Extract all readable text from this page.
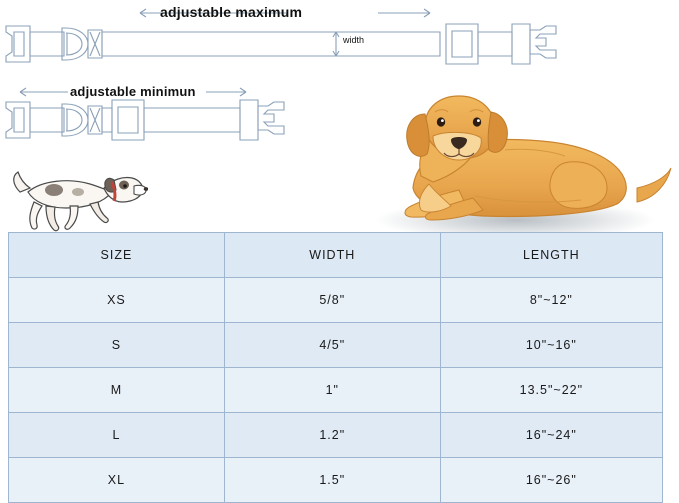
adjustable maximum
adjustable minimun
width
SIZE	WIDTH	LENGTH
XS	5/8"	8"~12"
S	4/5"	10"~16"
M	1"	13.5"~22"
L	1.2"	16"~24"
XL	1.5"	16"~26"
